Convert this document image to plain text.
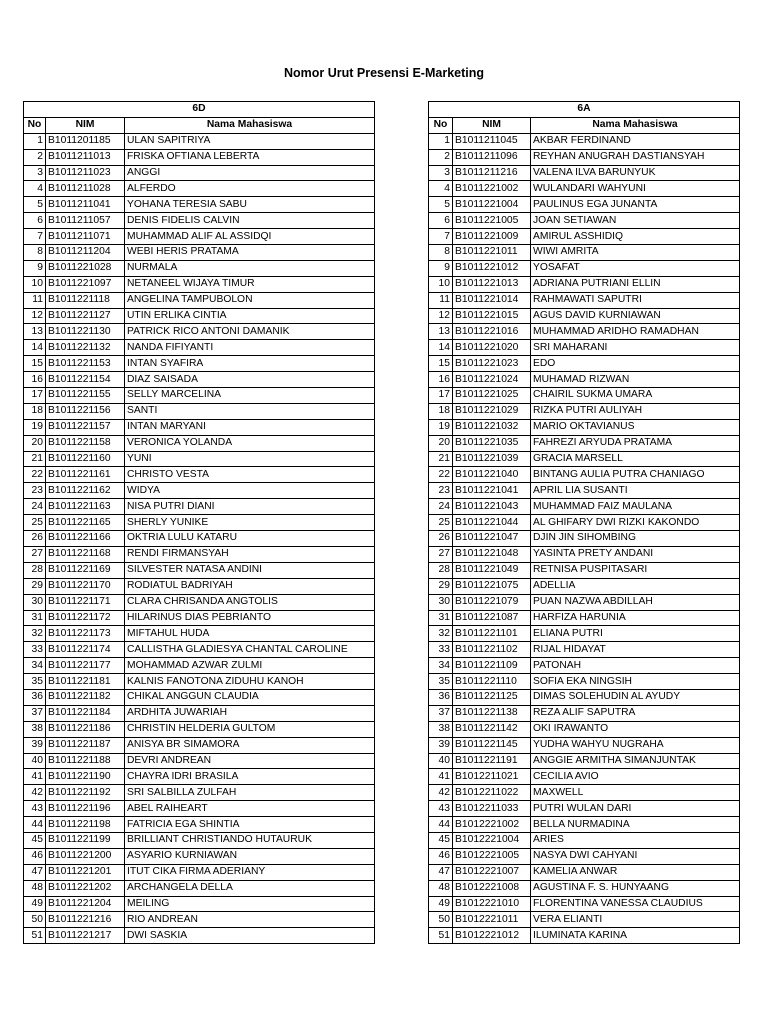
Nomor Urut Presensi E-Marketing
6D		
No	NIM	Nama Mahasiswa
1	B1011201185	ULAN SAPITRIYA
2	B1011211013	FRISKA OFTIANA LEBERTA
3	B1011211023	ANGGI
4	B1011211028	ALFERDO
5	B1011211041	YOHANA TERESIA SABU
6	B1011211057	DENIS FIDELIS CALVIN
7	B1011211071	MUHAMMAD ALIF AL ASSIDQI
8	B1011211204	WEBI HERIS PRATAMA
9	B1011221028	NURMALA
10	B1011221097	NETANEEL WIJAYA TIMUR
11	B1011221118	ANGELINA TAMPUBOLON
12	B1011221127	UTIN ERLIKA CINTIA
13	B1011221130	PATRICK RICO ANTONI DAMANIK
14	B1011221132	NANDA FIFIYANTI
15	B1011221153	INTAN SYAFIRA
16	B1011221154	DIAZ SAISADA
17	B1011221155	SELLY MARCELINA
18	B1011221156	SANTI
19	B1011221157	INTAN MARYANI
20	B1011221158	VERONICA YOLANDA
21	B1011221160	YUNI
22	B1011221161	CHRISTO VESTA
23	B1011221162	WIDYA
24	B1011221163	NISA PUTRI DIANI
25	B1011221165	SHERLY YUNIKE
26	B1011221166	OKTRIA LULU KATARU
27	B1011221168	RENDI FIRMANSYAH
28	B1011221169	SILVESTER NATASA ANDINI
29	B1011221170	RODIATUL BADRIYAH
30	B1011221171	CLARA CHRISANDA ANGTOLIS
31	B1011221172	HILARINUS DIAS PEBRIANTO
32	B1011221173	MIFTAHUL HUDA
33	B1011221174	CALLISTHA GLADIESYA CHANTAL CAROLINE
34	B1011221177	MOHAMMAD AZWAR ZULMI
35	B1011221181	KALNIS FANOTONA ZIDUHU KANOH
36	B1011221182	CHIKAL ANGGUN CLAUDIA
37	B1011221184	ARDHITA JUWARIAH
38	B1011221186	CHRISTIN HELDERIA GULTOM
39	B1011221187	ANISYA BR SIMAMORA
40	B1011221188	DEVRI ANDREAN
41	B1011221190	CHAYRA IDRI BRASILA
42	B1011221192	SRI SALBILLA ZULFAH
43	B1011221196	ABEL RAIHEART
44	B1011221198	FATRICIA EGA SHINTIA
45	B1011221199	BRILLIANT CHRISTIANDO HUTAURUK
46	B1011221200	ASYARIO KURNIAWAN
47	B1011221201	ITUT CIKA FIRMA ADERIANY
48	B1011221202	ARCHANGELA DELLA
49	B1011221204	MEILING
50	B1011221216	RIO ANDREAN
51	B1011221217	DWI SASKIA
6A		
No	NIM	Nama Mahasiswa
1	B1011211045	AKBAR FERDINAND
2	B1011211096	REYHAN ANUGRAH DASTIANSYAH
3	B1011211216	VALENA ILVA BARUNYUK
4	B1011221002	WULANDARI WAHYUNI
5	B1011221004	PAULINUS EGA JUNANTA
6	B1011221005	JOAN SETIAWAN
7	B1011221009	AMIRUL ASSHIDIQ
8	B1011221011	WIWI AMRITA
9	B1011221012	YOSAFAT
10	B1011221013	ADRIANA PUTRIANI ELLIN
11	B1011221014	RAHMAWATI SAPUTRI
12	B1011221015	AGUS DAVID KURNIAWAN
13	B1011221016	MUHAMMAD ARIDHO RAMADHAN
14	B1011221020	SRI MAHARANI
15	B1011221023	EDO
16	B1011221024	MUHAMAD RIZWAN
17	B1011221025	CHAIRIL SUKMA UMARA
18	B1011221029	RIZKA PUTRI AULIYAH
19	B1011221032	MARIO OKTAVIANUS
20	B1011221035	FAHREZI ARYUDA PRATAMA
21	B1011221039	GRACIA MARSELL
22	B1011221040	BINTANG AULIA PUTRA CHANIAGO
23	B1011221041	APRIL LIA SUSANTI
24	B1011221043	MUHAMMAD FAIZ MAULANA
25	B1011221044	AL GHIFARY DWI RIZKI KAKONDO
26	B1011221047	DJIN JIN SIHOMBING
27	B1011221048	YASINTA PRETY ANDANI
28	B1011221049	RETNISA PUSPITASARI
29	B1011221075	ADELLIA
30	B1011221079	PUAN NAZWA ABDILLAH
31	B1011221087	HARFIZA HARUNIA
32	B1011221101	ELIANA PUTRI
33	B1011221102	RIJAL HIDAYAT
34	B1011221109	PATONAH
35	B1011221110	SOFIA EKA NINGSIH
36	B1011221125	DIMAS SOLEHUDIN AL AYUDY
37	B1011221138	REZA ALIF SAPUTRA
38	B1011221142	OKI IRAWANTO
39	B1011221145	YUDHA WAHYU NUGRAHA
40	B1011221191	ANGGIE ARMITHA SIMANJUNTAK
41	B1012211021	CECILIA AVIO
42	B1012211022	MAXWELL
43	B1012211033	PUTRI WULAN DARI
44	B1012221002	BELLA NURMADINA
45	B1012221004	ARIES
46	B1012221005	NASYA DWI CAHYANI
47	B1012221007	KAMELIA ANWAR
48	B1012221008	AGUSTINA F. S. HUNYAANG
49	B1012221010	FLORENTINA VANESSA CLAUDIUS
50	B1012221011	VERA ELIANTI
51	B1012221012	ILUMINATA KARINA
